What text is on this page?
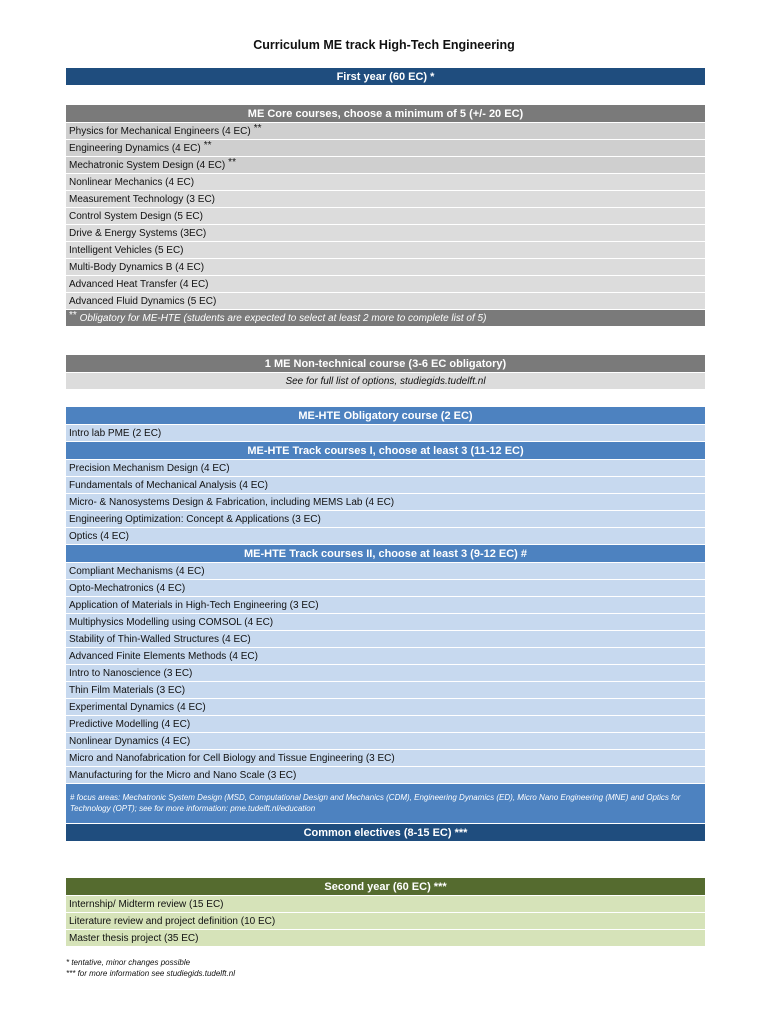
Curriculum ME track High-Tech Engineering
First year (60 EC) *
ME Core courses, choose a minimum of 5 (+/- 20 EC)
Physics for Mechanical Engineers (4 EC) **
Engineering Dynamics (4 EC) **
Mechatronic System Design (4 EC) **
Nonlinear Mechanics (4 EC)
Measurement Technology (3 EC)
Control System Design (5 EC)
Drive & Energy Systems (3EC)
Intelligent Vehicles (5 EC)
Multi-Body Dynamics B (4 EC)
Advanced Heat Transfer (4 EC)
Advanced Fluid Dynamics (5 EC)
** Obligatory for ME-HTE (students are expected to select at least 2 more to complete list of 5)
1 ME Non-technical course (3-6 EC obligatory)
See for full list of options, studiegids.tudelft.nl
ME-HTE Obligatory course (2 EC)
Intro lab PME (2 EC)
ME-HTE Track courses I, choose at least 3 (11-12 EC)
Precision Mechanism Design (4 EC)
Fundamentals of Mechanical Analysis (4 EC)
Micro- & Nanosystems Design & Fabrication, including MEMS Lab (4 EC)
Engineering Optimization: Concept & Applications (3 EC)
Optics (4 EC)
ME-HTE Track courses II, choose at least 3 (9-12 EC) #
Compliant Mechanisms (4 EC)
Opto-Mechatronics (4 EC)
Application of Materials in High-Tech Engineering (3 EC)
Multiphysics Modelling using COMSOL (4 EC)
Stability of Thin-Walled Structures (4 EC)
Advanced Finite Elements Methods (4 EC)
Intro to Nanoscience (3 EC)
Thin Film Materials (3 EC)
Experimental Dynamics (4 EC)
Predictive Modelling (4 EC)
Nonlinear Dynamics (4 EC)
Micro and Nanofabrication for Cell Biology and Tissue Engineering (3 EC)
Manufacturing for the Micro and Nano Scale (3 EC)
# focus areas: Mechatronic System Design (MSD, Computational Design and Mechanics (CDM), Engineering Dynamics (ED), Micro Nano Engineering (MNE) and Optics for Technology (OPT); see for more information: pme.tudelft.nl/education
Common electives (8-15 EC) ***
Second year (60 EC) ***
Internship/ Midterm review (15 EC)
Literature review and project definition (10 EC)
Master thesis project (35 EC)
* tentative, minor changes possible
*** for more information see studiegids.tudelft.nl
